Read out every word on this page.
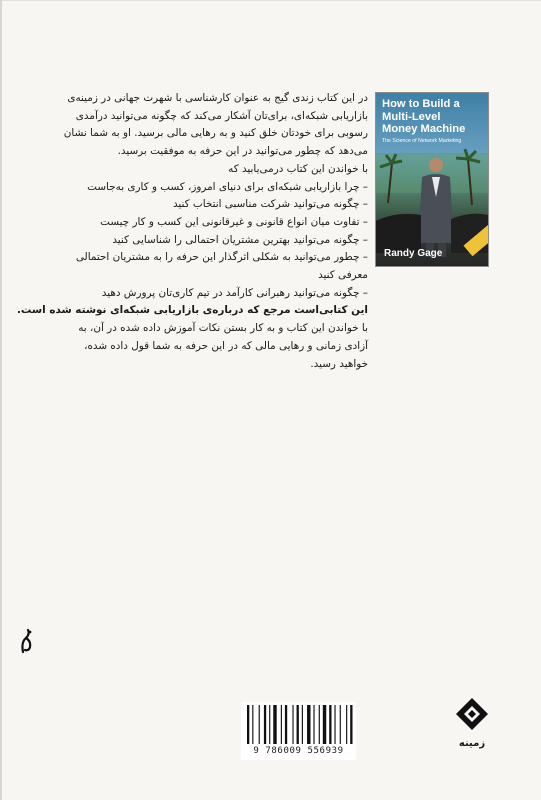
How to Build a
Multi-Level
Money Machine
The Science of Network Marketing
Randy Gage

در این کتاب زندی گیج به عنوان کارشناسی با شهرت جهانی در زمینه‌ی

بازاریابی شبکه‌ای، برای‌تان آشکار می‌کند که چگونه می‌توانید درآمدی

رسوبی برای خودتان خلق کنید و به رهایی مالی برسید. او به شما نشان

می‌دهد که چطور می‌توانید در این حرفه به موفقیت برسید.

با خواندن این کتاب درمی‌یابید که

– چرا بازاریابی شبکه‌ای برای دنیای امروز، کسب و کاری به‌جاست

– چگونه می‌توانید شرکت مناسبی انتخاب کنید

– تفاوت میان انواع قانونی و غیرقانونی این کسب و کار چیست

– چگونه می‌توانید بهترین مشتریان احتمالی را شناسایی کنید

– چطور می‌توانید به شکلی اثرگذار این حرفه را به مشتریان احتمالی

معرفی کنید

– چگونه می‌توانید رهبرانی کارآمد در تیم کاری‌تان پرورش دهید

این کتابی‌است مرجع که درباره‌ی بازاریابی شبکه‌ای نوشته شده است.

با خواندن این کتاب و به کار بستن نکات آموزش داده شده در آن، به

آزادی زمانی و رهایی مالی که در این حرفه به شما قول داده شده،

خواهید رسید.

9 786009 556939
زمینه
